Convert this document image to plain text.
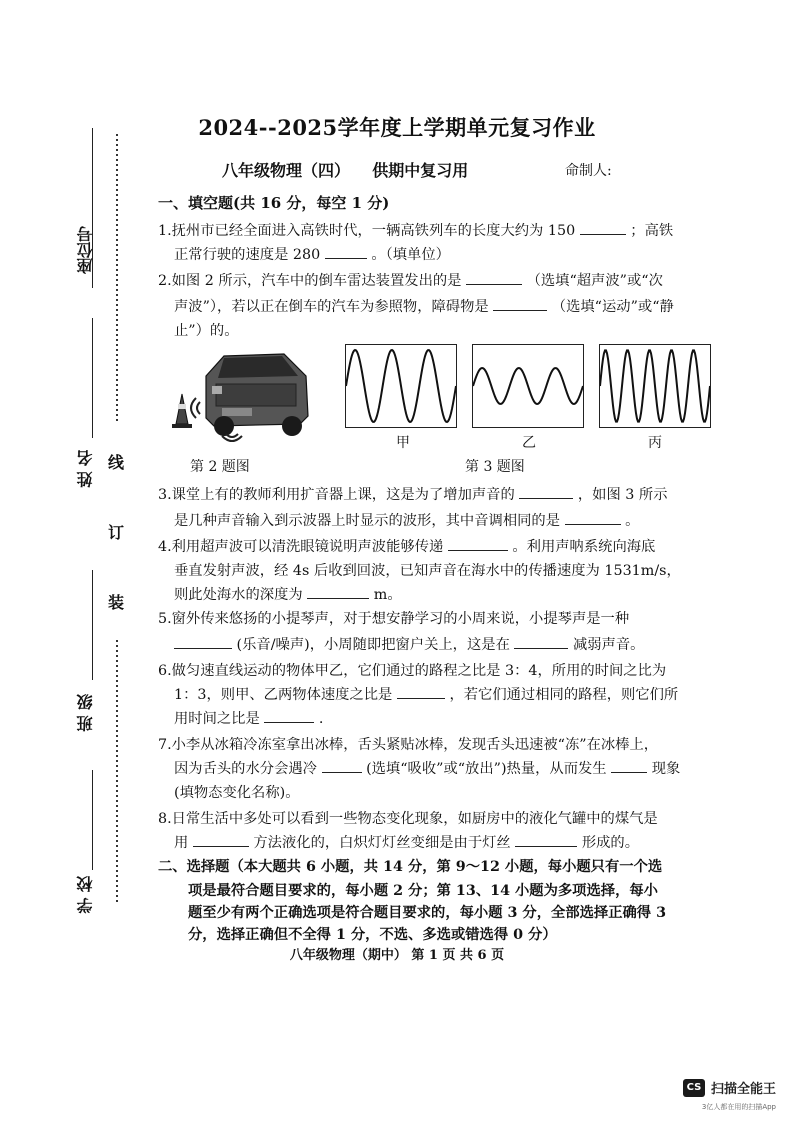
2024--2025学年度上学期单元复习作业
八年级物理（四）    供期中复习用	命制人:
座位号
姓 名
班 级
学 校
线
订
装
一、填空题(共 16 分，每空 1 分)
1.抚州市已经全面进入高铁时代，一辆高铁列车的长度大约为 150	；高铁
正常行驶的速度是 280	。（填单位）
2.如图 2 所示，汽车中的倒车雷达装置发出的是	（选填“超声波”或“次
声波”），若以正在倒车的汽车为参照物，障碍物是	（选填“运动”或“静
止”）的。
甲	乙	丙
第 2 题图	第 3 题图
3.课堂上有的教师利用扩音器上课，这是为了增加声音的	，如图 3 所示
是几种声音输入到示波器上时显示的波形，其中音调相同的是	。
4.利用超声波可以清洗眼镜说明声波能够传递	。利用声呐系统向海底
垂直发射声波，经 4s 后收到回波，已知声音在海水中的传播速度为 1531m/s，
则此处海水的深度为	m。
5.窗外传来悠扬的小提琴声，对于想安静学习的小周来说，小提琴声是一种
(乐音/噪声)，小周随即把窗户关上，这是在	减弱声音。
6.做匀速直线运动的物体甲乙，它们通过的路程之比是 3：4，所用的时间之比为
1：3，则甲、乙两物体速度之比是	，若它们通过相同的路程，则它们所
用时间之比是	.
7.小李从冰箱冷冻室拿出冰棒，舌头紧贴冰棒，发现舌头迅速被“冻”在冰棒上，
因为舌头的水分会遇冷	(选填“吸收”或“放出”)热量，从而发生	现象
(填物态变化名称)。
8.日常生活中多处可以看到一些物态变化现象，如厨房中的液化气罐中的煤气是
用	方法液化的，白炽灯灯丝变细是由于灯丝	形成的。
二、选择题（本大题共 6 小题，共 14 分，第 9～12 小题，每小题只有一个选
项是最符合题目要求的，每小题 2 分；第 13、14 小题为多项选择，每小
题至少有两个正确选项是符合题目要求的，每小题 3 分，全部选择正确得 3
分，选择正确但不全得 1 分，不选、多选或错选得 0 分）
八年级物理（期中） 第 1 页 共 6 页
CS 扫描全能王
3亿人都在用的扫描App
